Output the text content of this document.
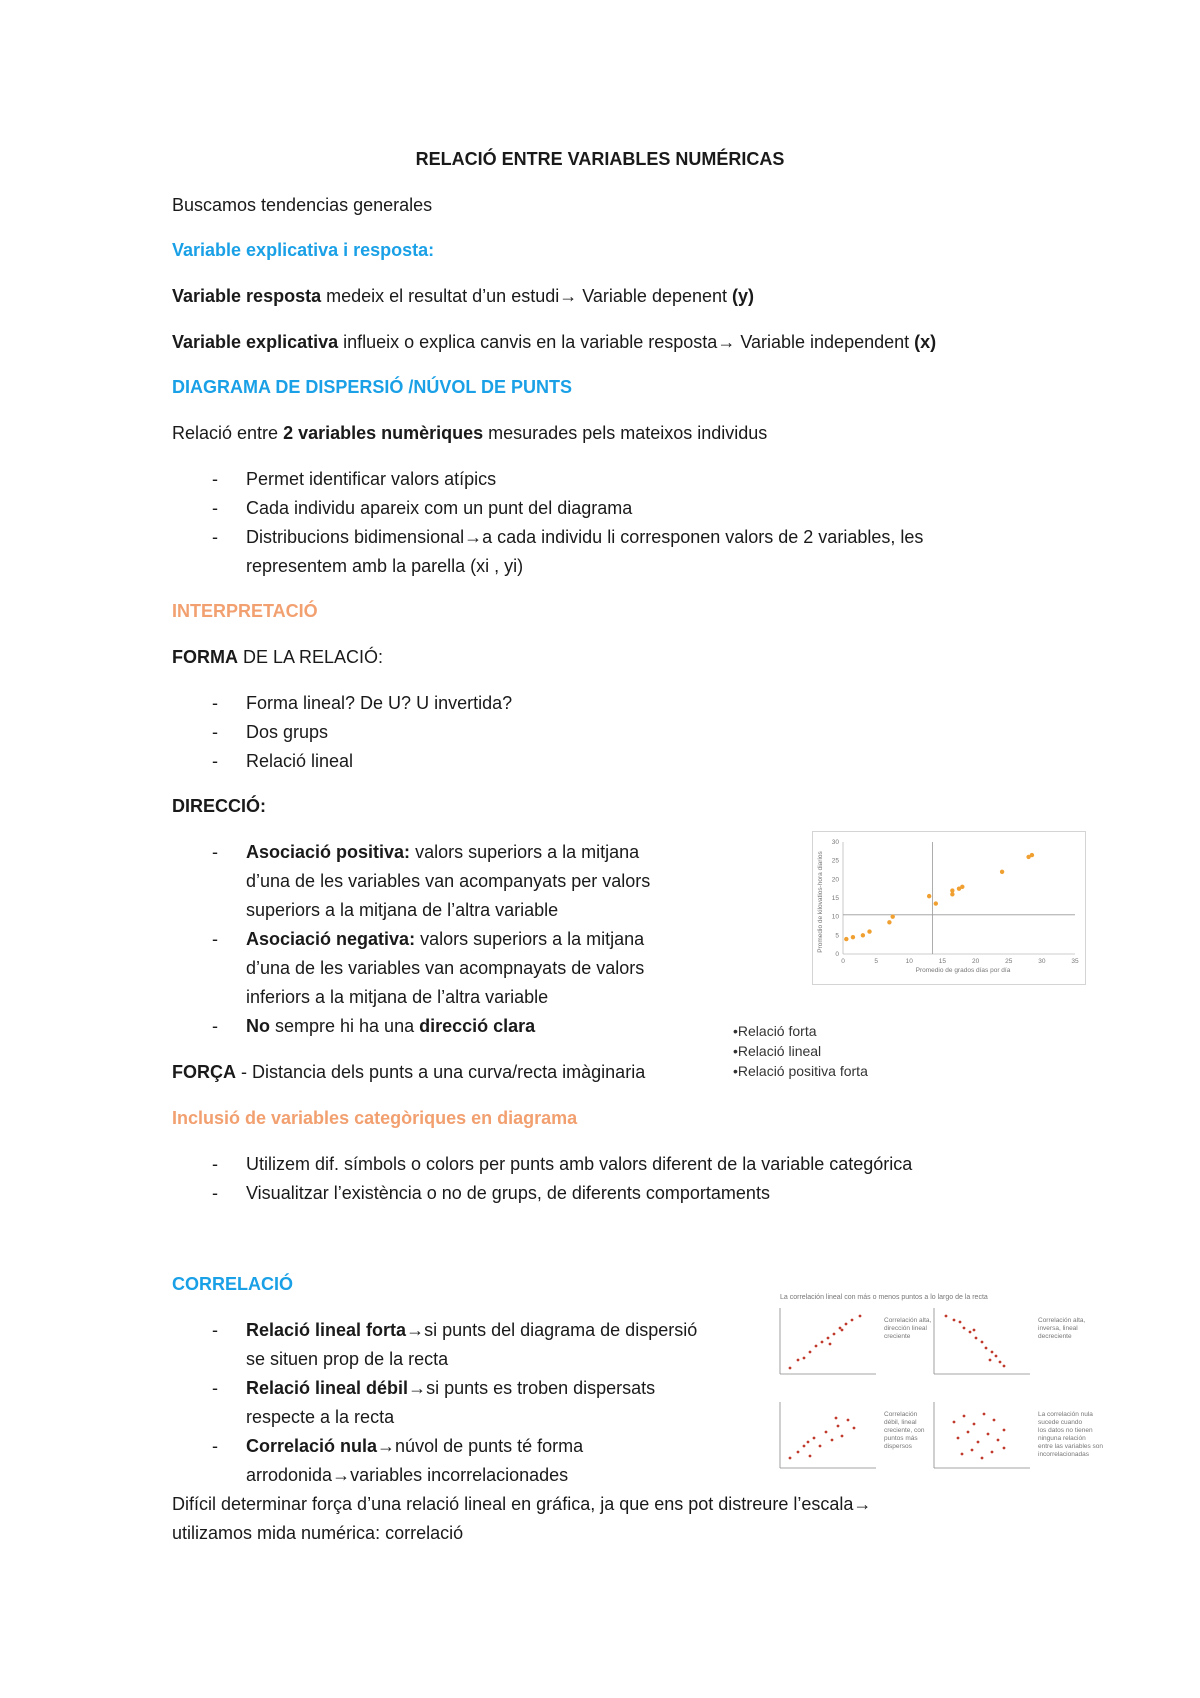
RELACIÓ ENTRE VARIABLES NUMÉRICAS
Buscamos tendencias generales
Variable explicativa i resposta:
Variable resposta medeix el resultat d’un estudi→ Variable depenent (y)
Variable explicativa influeix o explica canvis en la variable resposta→ Variable independent (x)
DIAGRAMA DE DISPERSIÓ /NÚVOL DE PUNTS
Relació entre 2 variables numèriques mesurades pels mateixos individus
- Permet identificar valors atípics
- Cada individu apareix com un punt del diagrama
- Distribucions bidimensional→a cada individu li corresponen valors de 2 variables, les
representem amb la parella (xi , yi)
INTERPRETACIÓ
FORMA DE LA RELACIÓ:
- Forma lineal? De U? U invertida?
- Dos grups
- Relació lineal
DIRECCIÓ:
- Asociació positiva: valors superiors a la mitjana
d’una de les variables van acompanyats per valors
superiors a la mitjana de l’altra variable
- Asociació negativa: valors superiors a la mitjana
d’una de les variables van acompnayats de valors
inferiors a la mitjana de l’altra variable
- No sempre hi ha una direcció clara
FORÇA - Distancia dels punts a una curva/recta imàginaria
Inclusió de variables categòriques en diagrama
- Utilizem dif. símbols o colors per punts amb valors diferent de la variable categórica
- Visualitzar l’existència o no de grups, de diferents comportaments
CORRELACIÓ
- Relació lineal forta→si punts del diagrama de dispersió
se situen prop de la recta
- Relació lineal débil→si punts es troben dispersats
respecte a la recta
- Correlació nula→núvol de punts té forma
arrodonida→variables incorrelacionades
Difícil determinar força d’una relació lineal en gráfica, ja que ens pot distreure l’escala→
utilizamos mida numérica: correlació
0
5
10
15
20
25
30
0	5	10	15	20	25	30	35
Promedio de grados días por día
Promedio de kilovatios-hora diarios
•Relació forta
•Relació lineal
•Relació positiva forta
La correlación lineal con más o menos puntos a lo largo de la recta
Correlación alta,
dirección lineal
creciente
Correlación alta,
inversa, lineal
decreciente
Correlación
débil, lineal
creciente, con
puntos más
dispersos
La correlación nula
sucede cuando
los datos no tienen
ninguna relación
entre las variables son
incorrelacionadas
